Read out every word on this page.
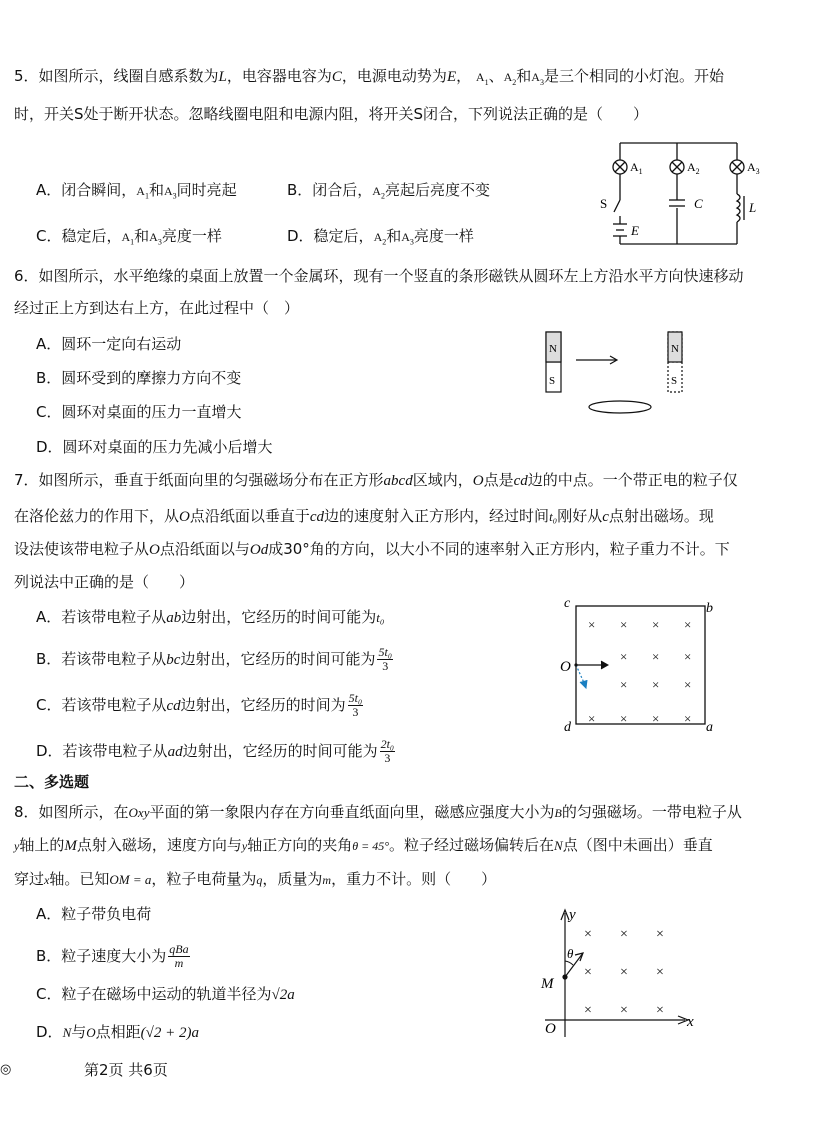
5．如图所示，线圈自感系数为L，电容器电容为C，电源电动势为E， $A_1$、$A_2$和$A_3$是三个相同的小灯泡。开始
时，开关S处于断开状态。忽略线圈电阻和电源内阻，将开关S闭合，下列说法正确的是（　　）
A．闭合瞬间，$A_1$和$A_3$同时亮起	B．闭合后，$A_2$亮起后亮度不变
C．稳定后，$A_1$和$A_3$亮度一样	D．稳定后，$A_2$和$A_3$亮度一样
$A_1$	$A_2$	$A_3$
S	C	L
E
6．如图所示，水平绝缘的桌面上放置一个金属环，现有一个竖直的条形磁铁从圆环左上方沿水平方向快速移动
经过正上方到达右上方，在此过程中（　）
A．圆环一定向右运动
B．圆环受到的摩擦力方向不变
C．圆环对桌面的压力一直增大
D．圆环对桌面的压力先减小后增大
N
S
N
S
7．如图所示，垂直于纸面向里的匀强磁场分布在正方形abcd区域内，O点是cd边的中点。一个带正电的粒子仅
在洛伦兹力的作用下，从O点沿纸面以垂直于cd边的速度射入正方形内，经过时间t₀刚好从c点射出磁场。现
设法使该带电粒子从O点沿纸面以与Od成30°角的方向，以大小不同的速率射入正方形内，粒子重力不计。下
列说法中正确的是（　　）
A．若该带电粒子从ab边射出，它经历的时间可能为t₀
B．若该带电粒子从bc边射出，它经历的时间可能为 $\frac{\text{5t₀}}{3}$
C．若该带电粒子从cd边射出，它经历的时间为 $\frac{\text{5t₀}}{3}$
D．若该带电粒子从ad边射出，它经历的时间可能为 $\frac{\text{2t₀}}{3}$
× × × ×
× × ×
× × ×
× × × ×
c	b
O
d	a
二、多选题
8．如图所示，在Oxy平面的第一象限内存在方向垂直纸面向里，磁感应强度大小为B的匀强磁场。一带电粒子从
y轴上的M点射入磁场，速度方向与y轴正方向的夹角θ = 45°。粒子经过磁场偏转后在N点（图中未画出）垂直
穿过x轴。已知OM = a，粒子电荷量为q，质量为m，重力不计。则（　　）
A．粒子带负电荷
B．粒子速度大小为 $\frac{\text{qBa}}{m}$
C．粒子在磁场中运动的轨道半径为√2a
D．N与O点相距(√2 + 2)a
× × ×
× × ×
× × ×
y
x
O
M
θ
◎	第2页 共6页
